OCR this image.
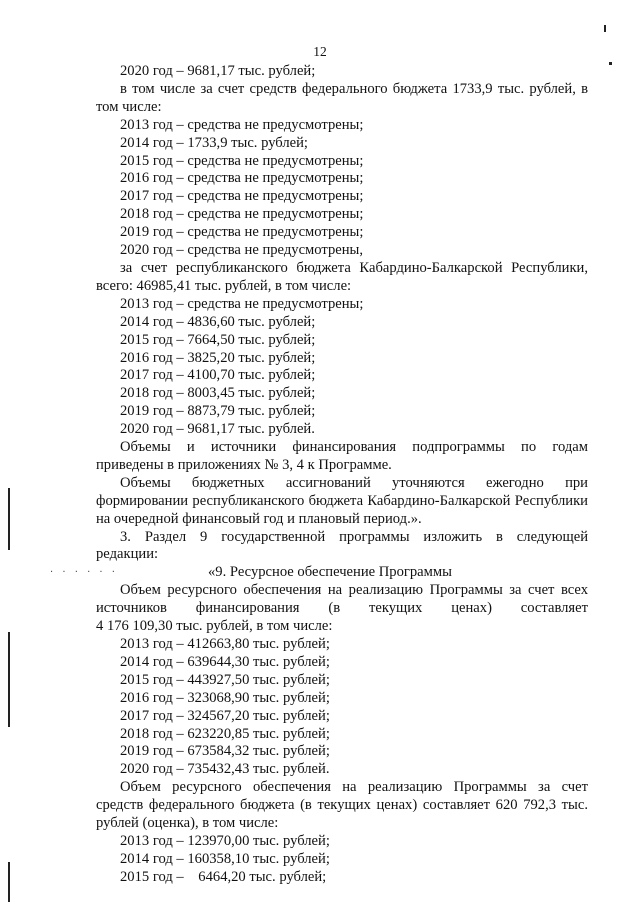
12
2020 год – 9681,17 тыс. рублей;
в том числе за счет средств федерального бюджета 1733,9 тыс. рублей, в
том числе:
2013 год – средства не предусмотрены;
2014 год – 1733,9 тыс. рублей;
2015 год – средства не предусмотрены;
2016 год – средства не предусмотрены;
2017 год – средства не предусмотрены;
2018 год – средства не предусмотрены;
2019 год – средства не предусмотрены;
2020 год – средства не предусмотрены,
за счет республиканского бюджета Кабардино-Балкарской Республики,
всего: 46985,41 тыс. рублей, в том числе:
2013 год – средства не предусмотрены;
2014 год – 4836,60 тыс. рублей;
2015 год – 7664,50 тыс. рублей;
2016 год – 3825,20 тыс. рублей;
2017 год – 4100,70 тыс. рублей;
2018 год – 8003,45 тыс. рублей;
2019 год – 8873,79 тыс. рублей;
2020 год – 9681,17 тыс. рублей.
Объемы и источники финансирования подпрограммы по годам
приведены в приложениях № 3, 4 к Программе.
Объемы бюджетных ассигнований уточняются ежегодно при
формировании республиканского бюджета Кабардино-Балкарской Республики
на очередной финансовый год и плановый период.».
3. Раздел 9 государственной программы изложить в следующей
редакции:
«9. Ресурсное обеспечение Программы
Объем ресурсного обеспечения на реализацию Программы за счет всех
источников финансирования (в текущих ценах) составляет
4 176 109,30 тыс. рублей, в том числе:
2013 год – 412663,80 тыс. рублей;
2014 год – 639644,30 тыс. рублей;
2015 год – 443927,50 тыс. рублей;
2016 год – 323068,90 тыс. рублей;
2017 год – 324567,20 тыс. рублей;
2018 год – 623220,85 тыс. рублей;
2019 год – 673584,32 тыс. рублей;
2020 год – 735432,43 тыс. рублей.
Объем ресурсного обеспечения на реализацию Программы за счет
средств федерального бюджета (в текущих ценах) составляет 620 792,3 тыс.
рублей (оценка), в том числе:
2013 год – 123970,00 тыс. рублей;
2014 год – 160358,10 тыс. рублей;
2015 год –    6464,20 тыс. рублей;
· · · · · ·
